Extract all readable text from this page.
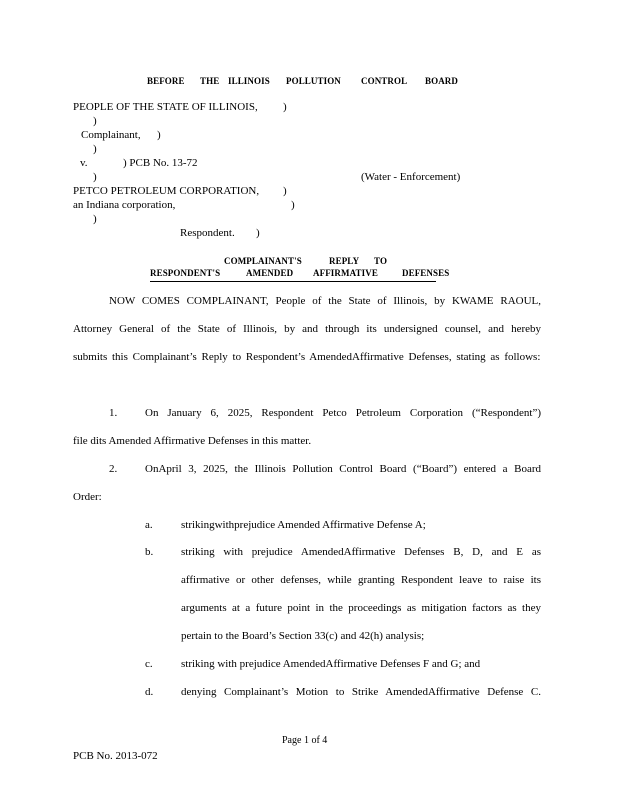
BEFORE THE ILLINOIS POLLUTION CONTROL BOARD
PEOPLE OF THE STATE OF ILLINOIS, )
)
Complainant, )
)
v.	) PCB No. 13-72
)	(Water - Enforcement)
PETCO PETROLEUM CORPORATION, )
an Indiana corporation,	)
)
Respondent. )
COMPLAINANT'S	REPLY TO
RESPONDENT'S	AMENDED AFFIRMATIVE	DEFENSES
NOW COMES COMPLAINANT, People of the State of Illinois, by KWAME RAOUL, Attorney General of the State of Illinois, by and through its undersigned counsel, and hereby submits this Complainant’s Reply to Respondent’s AmendedAffirmative Defenses, stating as follows:
1.	On January 6, 2025, Respondent Petco Petroleum Corporation (“Respondent”)
file dits Amended Affirmative Defenses in this matter.
2.	OnApril 3, 2025, the Illinois Pollution Control Board (“Board”) entered a Board
Order:
a.	strikingwithprejudice Amended Affirmative Defense A;
b.	striking with prejudice AmendedAffirmative Defenses B, D, and E as
affirmative or other defenses, while granting Respondent leave to raise its
arguments at a future point in the proceedings as mitigation factors as they
pertain to the Board’s Section 33(c) and 42(h) analysis;
c.	striking with prejudice AmendedAffirmative Defenses F and G; and
d.	denying Complainant’s Motion to Strike AmendedAffirmative Defense C.
Page 1 of 4
PCB No. 2013-072
